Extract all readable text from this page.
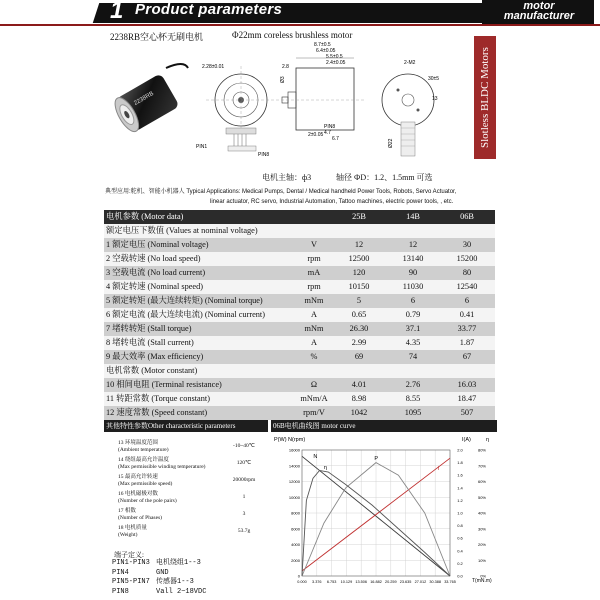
1 Product parameters	motor
manufacturer
2238RB空心杯无刷电机	Φ22mm coreless brushless motor
2238RB
2.28±0.01
PIN1
PIN8
8.7±0.5
6.4±0.05
5.5±0.5
2.4±0.05
2.8
2±0.05
PIN8
4.7
6.7
Ø3
2-M2
13
30±5
Ø22	Slotless BLDC Motors
电机主轴：ф3	轴径 ФD：1.2、1.5mm 可选
典型应用:舵机、智能小机器人 Typical Applications: Medical Pumps, Dental / Medical handheld Power Tools, Robots, Servo Actuator,
linear actuator, RC servo, Industrial Automation, Tattoo machines, electric power tools, , etc.
电机参数 (Motor data)	25B	14B	06B
额定电压下数值 (Values at nominal voltage)
1 额定电压 (Nominal voltage)	V	12	12	30
2 空载转速 (No load speed)	rpm	12500	13140	15200
3 空载电流 (No load current)	mA	120	90	80
4 额定转速 (Nominal speed)	rpm	10150	11030	12540
5 额定转矩 (最大连续转矩) (Nominal torque)	mNm	5	6	6
6 额定电流 (最大连续电流) (Nominal current)	A	0.65	0.79	0.41
7 堵转转矩 (Stall torque)	mNm	26.30	37.1	33.77
8 堵转电流 (Stall current)	A	2.99	4.35	1.87
9 最大效率 (Max efficiency)	%	69	74	67
电机常数 (Motor constant)
10 相间电阻 (Terminal resistance)	Ω	4.01	2.76	16.03
11 转距常数 (Torque constant)	mNm/A	8.98	8.55	18.47
12 速度常数 (Speed constant)	rpm/V	1042	1095	507
其他特性参数Other characteristic parameters	06B电机曲线图 motor curve
13 环境温度范围
(Ambient temperature)
-10~40℃
14 绕组最高允许温度
(Max permissible winding temperature)
120℃
15 最高允许转速
(Max permissible speed)
20000rpm
16 电机磁极对数
(Number of the pole pairs)
1
17 相数
(Number of Phases)
3
18 电机质量
(Weight)
53.7g
端子定义:
PIN1-PIN3 电机绕组1--3
PIN4	GND
PIN5-PIN7 传感器1--3
PIN8	Vall 2~18VDC
P(W) N(rpm)	I(A)	η
T(mN.m)
0
2000
4000
6000
8000
10000
12000
14000
16000
0.0
0.2
0.4
0.6
0.8
1.0
1.2
1.4
1.6
1.8
2.0
0%
10%
20%
30%
40%
50%
60%
70%
80%
0.000 3.376 6.753 10.129 13.506 16.882 20.259 23.635 27.012 30.388 33.765
N	P
I
η
